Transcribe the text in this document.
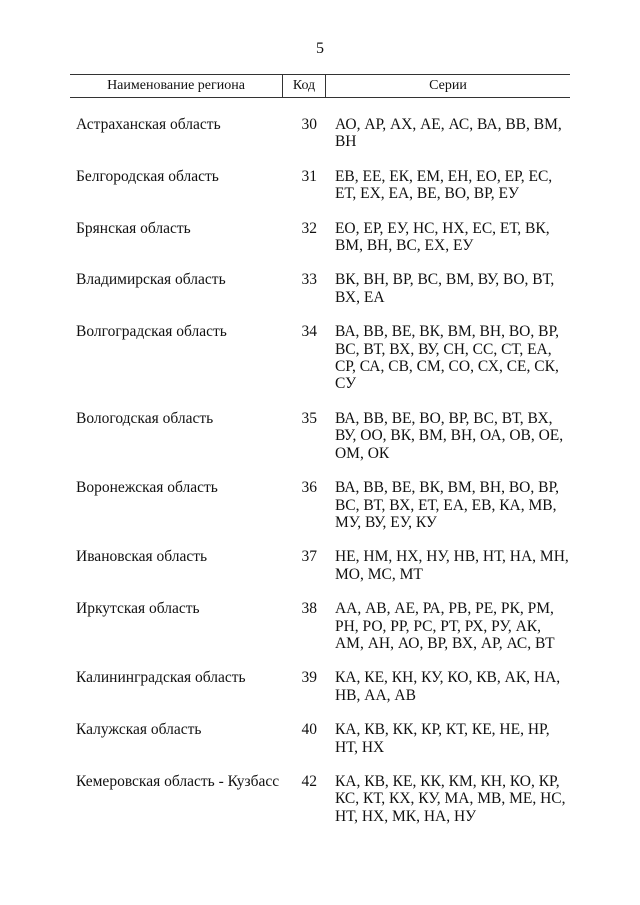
5
Наименование региона	Код	Серии
Астраханская область	30	АО, АР, АХ, АЕ, АС, ВА, ВВ, ВМ, ВН
Белгородская область	31	ЕВ, ЕЕ, ЕК, ЕМ, ЕН, ЕО, ЕР, ЕС, ЕТ, ЕХ, ЕА, ВЕ, ВО, ВР, ЕУ
Брянская область	32	ЕО, ЕР, ЕУ, НС, НХ, ЕС, ЕТ, ВК, ВМ, ВН, ВС, ЕХ, ЕУ
Владимирская область	33	ВК, ВН, ВР, ВС, ВМ, ВУ, ВО, ВТ, ВХ, ЕА
Волгоградская область	34	ВА, ВВ, ВЕ, ВК, ВМ, ВН, ВО, ВР, ВС, ВТ, ВХ, ВУ, СН, СС, СТ, ЕА, СР, СА, СВ, СМ, СО, СХ, СЕ, СК, СУ
Вологодская область	35	ВА, ВВ, ВЕ, ВО, ВР, ВС, ВТ, ВХ, ВУ, ОО, ВК, ВМ, ВН, ОА, ОВ, ОЕ, ОМ, ОК
Воронежская область	36	ВА, ВВ, ВЕ, ВК, ВМ, ВН, ВО, ВР, ВС, ВТ, ВХ, ЕТ, ЕА, ЕВ, КА, МВ, МУ, ВУ, ЕУ, КУ
Ивановская область	37	НЕ, НМ, НХ, НУ, НВ, НТ, НА, МН, МО, МС, МТ
Иркутская область	38	АА, АВ, АЕ, РА, РВ, РЕ, РК, РМ, РН, РО, РР, РС, РТ, РХ, РУ, АК, АМ, АН, АО, ВР, ВХ, АР, АС, ВТ
Калининградская область	39	КА, КЕ, КН, КУ, КО, КВ, АК, НА, НВ, АА, АВ
Калужская область	40	КА, КВ, КК, КР, КТ, КЕ, НЕ, НР, НТ, НХ
Кемеровская область - Кузбасс	42	КА, КВ, КЕ, КК, КМ, КН, КО, КР, КС, КТ, КХ, КУ, МА, МВ, МЕ, НС, НТ, НХ, МК, НА, НУ
